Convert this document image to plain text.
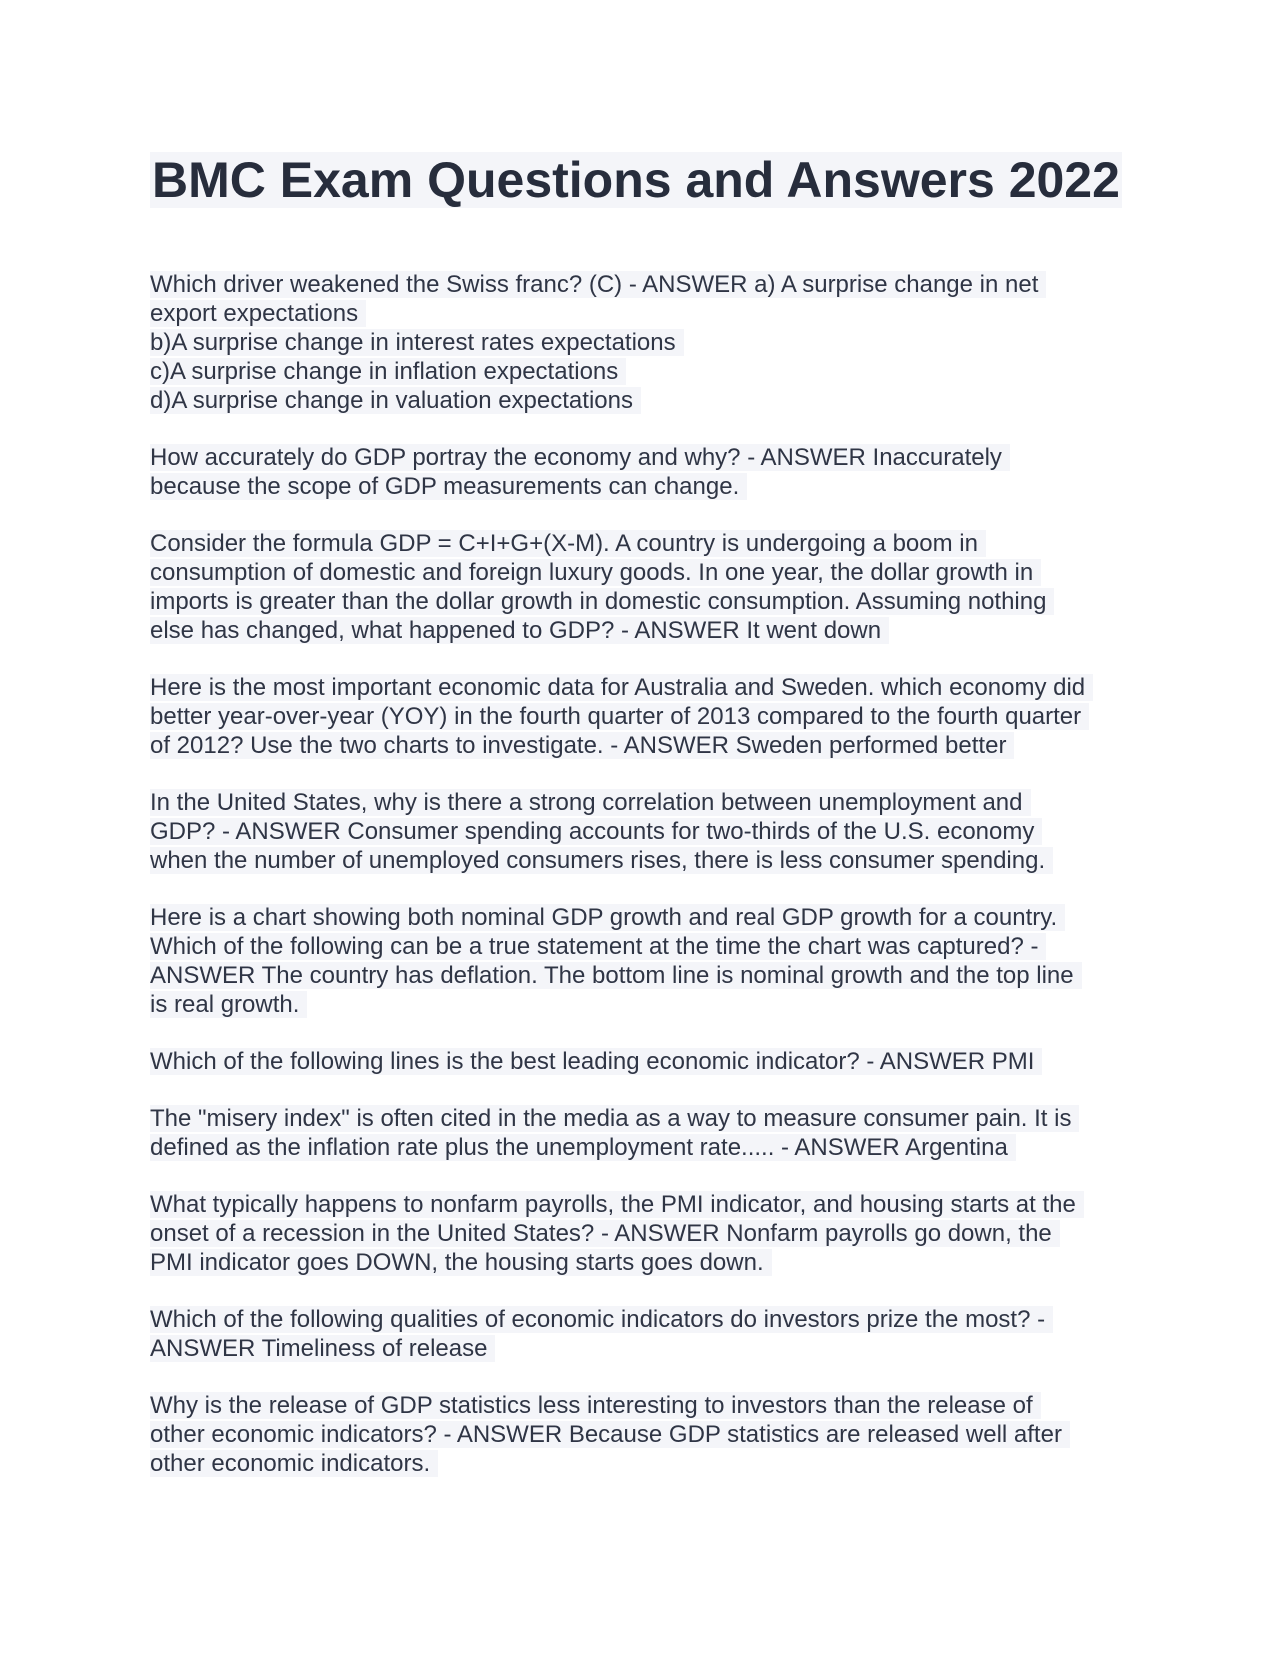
BMC Exam Questions and Answers 2022

Which driver weakened the Swiss franc? (C) - ANSWER a) A surprise change in net
export expectations
b)A surprise change in interest rates expectations
c)A surprise change in inflation expectations
d)A surprise change in valuation expectations

How accurately do GDP portray the economy and why? - ANSWER Inaccurately
because the scope of GDP measurements can change.

Consider the formula GDP = C+I+G+(X-M). A country is undergoing a boom in
consumption of domestic and foreign luxury goods. In one year, the dollar growth in
imports is greater than the dollar growth in domestic consumption. Assuming nothing
else has changed, what happened to GDP? - ANSWER It went down

Here is the most important economic data for Australia and Sweden. which economy did
better year-over-year (YOY) in the fourth quarter of 2013 compared to the fourth quarter
of 2012? Use the two charts to investigate. - ANSWER Sweden performed better

In the United States, why is there a strong correlation between unemployment and
GDP? - ANSWER Consumer spending accounts for two-thirds of the U.S. economy
when the number of unemployed consumers rises, there is less consumer spending.

Here is a chart showing both nominal GDP growth and real GDP growth for a country.
Which of the following can be a true statement at the time the chart was captured? -
ANSWER The country has deflation. The bottom line is nominal growth and the top line
is real growth.

Which of the following lines is the best leading economic indicator? - ANSWER PMI

The "misery index" is often cited in the media as a way to measure consumer pain. It is
defined as the inflation rate plus the unemployment rate..... - ANSWER Argentina

What typically happens to nonfarm payrolls, the PMI indicator, and housing starts at the
onset of a recession in the United States? - ANSWER Nonfarm payrolls go down, the
PMI indicator goes DOWN, the housing starts goes down.

Which of the following qualities of economic indicators do investors prize the most? -
ANSWER Timeliness of release

Why is the release of GDP statistics less interesting to investors than the release of
other economic indicators? - ANSWER Because GDP statistics are released well after
other economic indicators.
